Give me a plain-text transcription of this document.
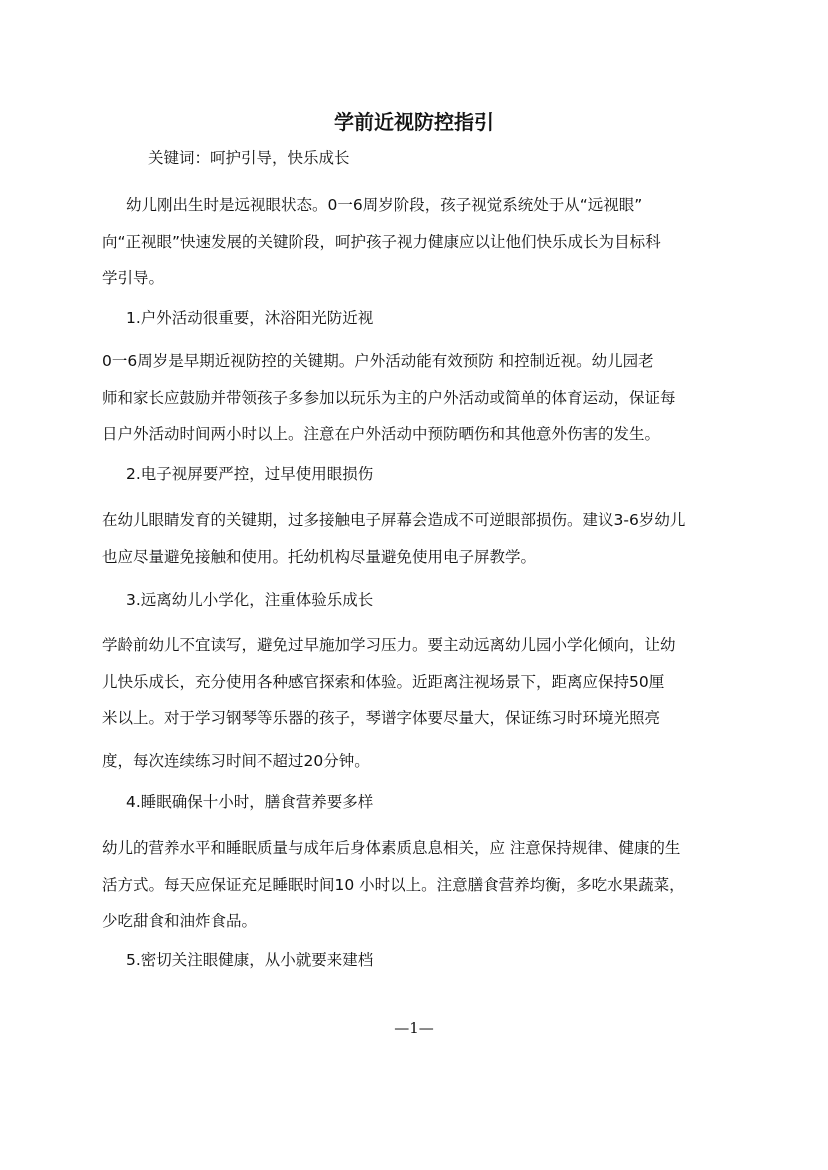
学前近视防控指引
关键词：呵护引导，快乐成长

幼儿刚出生时是远视眼状态。0一6周岁阶段，孩子视觉系统处于从“远视眼”
向“正视眼”快速发展的关键阶段，呵护孩子视力健康应以让他们快乐成长为目标科
学引导。

1.户外活动很重要，沐浴阳光防近视

0一6周岁是早期近视防控的关键期。户外活动能有效预防 和控制近视。幼儿园老
师和家长应鼓励并带领孩子多参加以玩乐为主的户外活动或简单的体育运动，保证每
日户外活动时间两小时以上。注意在户外活动中预防晒伤和其他意外伤害的发生。

2.电子视屏要严控，过早使用眼损伤

在幼儿眼睛发育的关键期，过多接触电子屏幕会造成不可逆眼部损伤。建议3-6岁幼儿
也应尽量避免接触和使用。托幼机构尽量避免使用电子屏教学。

3.远离幼儿小学化，注重体验乐成长

学龄前幼儿不宜读写，避免过早施加学习压力。要主动远离幼儿园小学化倾向，让幼
儿快乐成长，充分使用各种感官探索和体验。近距离注视场景下，距离应保持50厘
米以上。对于学习钢琴等乐器的孩子，琴谱字体要尽量大，保证练习时环境光照亮
度，每次连续练习时间不超过20分钟。

4.睡眠确保十小时，膳食营养要多样

幼儿的营养水平和睡眠质量与成年后身体素质息息相关，应 注意保持规律、健康的生
活方式。每天应保证充足睡眠时间10 小时以上。注意膳食营养均衡，多吃水果蔬菜，
少吃甜食和油炸食品。

5.密切关注眼健康，从小就要来建档
—1—
